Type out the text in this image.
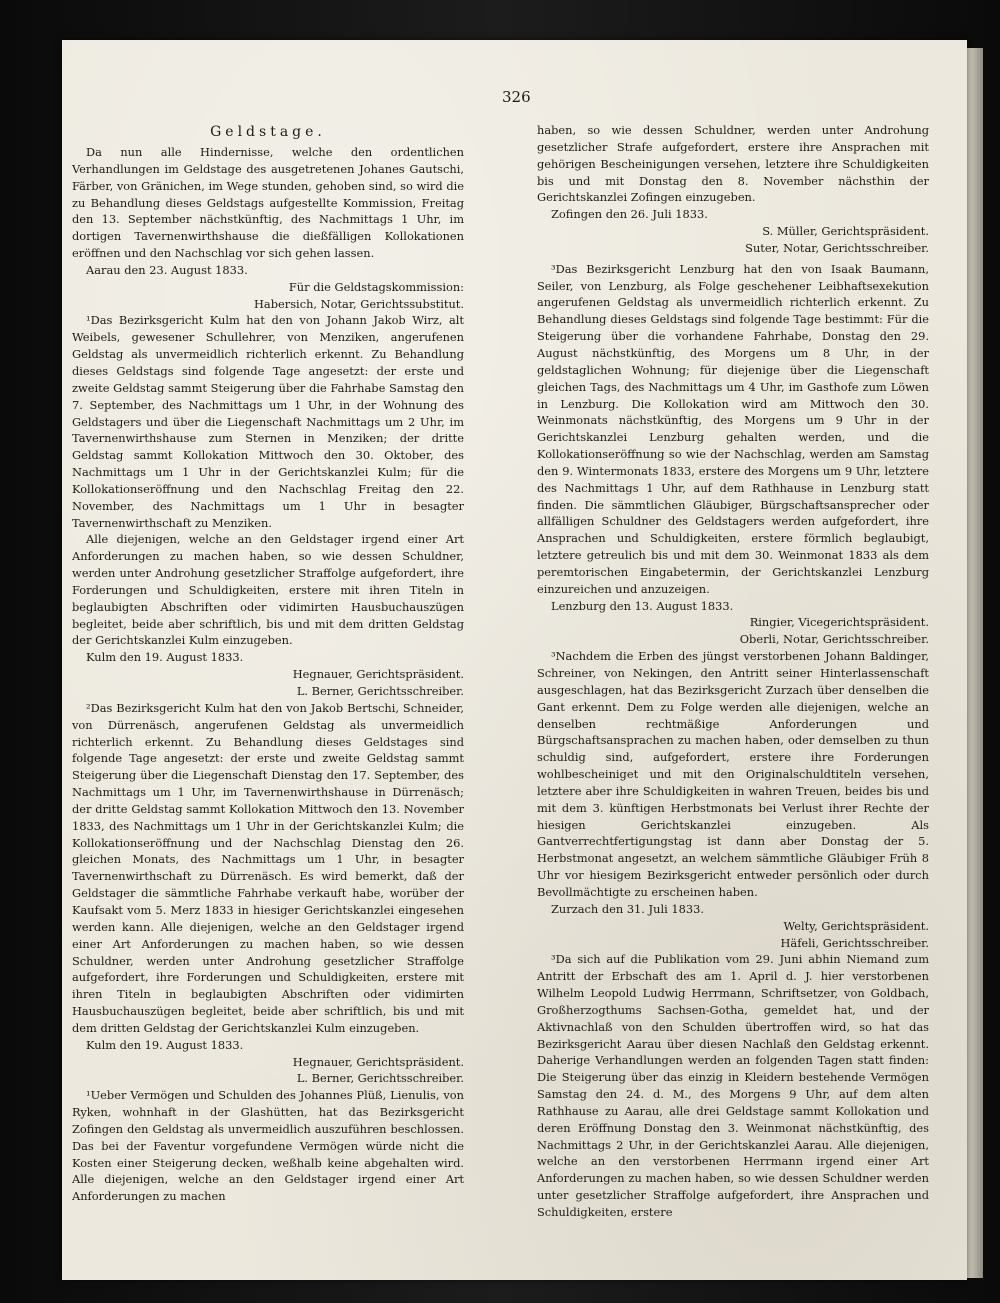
326

Geldstage.

Da nun alle Hindernisse, welche den ordentlichen Verhandlungen im Geldstage des ausgetretenen Johanes Gautschi, Färber, von Gränichen, im Wege stunden, gehoben sind, so wird die zu Behandlung dieses Geldstags aufgestellte Kommission, Freitag den 13. September nächstkünftig, des Nachmittags 1 Uhr, im dortigen Tavernenwirthshause die dießfälligen Kollokationen eröffnen und den Nachschlag vor sich gehen lassen.

Aarau den 23. August 1833.

Für die Geldstagskommission:

Habersich, Notar, Gerichtssubstitut.

¹Das Bezirksgericht Kulm hat den von Johann Jakob Wirz, alt Weibels, gewesener Schullehrer, von Menziken, angerufenen Geldstag als unvermeidlich richterlich erkennt. Zu Behandlung dieses Geldstags sind folgende Tage angesetzt: der erste und zweite Geldstag sammt Steigerung über die Fahrhabe Samstag den 7. September, des Nachmittags um 1 Uhr, in der Wohnung des Geldstagers und über die Liegenschaft Nachmittags um 2 Uhr, im Tavernenwirthshause zum Sternen in Menziken; der dritte Geldstag sammt Kollokation Mittwoch den 30. Oktober, des Nachmittags um 1 Uhr in der Gerichtskanzlei Kulm; für die Kollokationseröffnung und den Nachschlag Freitag den 22. November, des Nachmittags um 1 Uhr in besagter Tavernenwirthschaft zu Menziken.

Alle diejenigen, welche an den Geldstager irgend einer Art Anforderungen zu machen haben, so wie dessen Schuldner, werden unter Androhung gesetzlicher Straffolge aufgefordert, ihre Forderungen und Schuldigkeiten, erstere mit ihren Titeln in beglaubigten Abschriften oder vidimirten Hausbuchauszügen begleitet, beide aber schriftlich, bis und mit dem dritten Geldstag der Gerichtskanzlei Kulm einzugeben.

Kulm den 19. August 1833.

Hegnauer, Gerichtspräsident.

L. Berner, Gerichtsschreiber.

²Das Bezirksgericht Kulm hat den von Jakob Bertschi, Schneider, von Dürrenäsch, angerufenen Geldstag als unvermeidlich richterlich erkennt. Zu Behandlung dieses Geldstages sind folgende Tage angesetzt: der erste und zweite Geldstag sammt Steigerung über die Liegenschaft Dienstag den 17. September, des Nachmittags um 1 Uhr, im Tavernenwirthshause in Dürrenäsch; der dritte Geldstag sammt Kollokation Mittwoch den 13. November 1833, des Nachmittags um 1 Uhr in der Gerichtskanzlei Kulm; die Kollokationseröffnung und der Nachschlag Dienstag den 26. gleichen Monats, des Nachmittags um 1 Uhr, in besagter Tavernenwirthschaft zu Dürrenäsch. Es wird bemerkt, daß der Geldstager die sämmtliche Fahrhabe verkauft habe, worüber der Kaufsakt vom 5. Merz 1833 in hiesiger Gerichtskanzlei eingesehen werden kann. Alle diejenigen, welche an den Geldstager irgend einer Art Anforderungen zu machen haben, so wie dessen Schuldner, werden unter Androhung gesetzlicher Straffolge aufgefordert, ihre Forderungen und Schuldigkeiten, erstere mit ihren Titeln in beglaubigten Abschriften oder vidimirten Hausbuchauszügen begleitet, beide aber schriftlich, bis und mit dem dritten Geldstag der Gerichtskanzlei Kulm einzugeben.

Kulm den 19. August 1833.

Hegnauer, Gerichtspräsident.

L. Berner, Gerichtsschreiber.

¹Ueber Vermögen und Schulden des Johannes Plüß, Lienulis, von Ryken, wohnhaft in der Glashütten, hat das Bezirksgericht Zofingen den Geldstag als unvermeidlich auszuführen beschlossen. Das bei der Faventur vorgefundene Vermögen würde nicht die Kosten einer Steigerung decken, weßhalb keine abgehalten wird. Alle diejenigen, welche an den Geldstager irgend einer Art Anforderungen zu machen

haben, so wie dessen Schuldner, werden unter Androhung gesetzlicher Strafe aufgefordert, erstere ihre Ansprachen mit gehörigen Bescheinigungen versehen, letztere ihre Schuldigkeiten bis und mit Donstag den 8. November nächsthin der Gerichtskanzlei Zofingen einzugeben.

Zofingen den 26. Juli 1833.

S. Müller, Gerichtspräsident.

Suter, Notar, Gerichtsschreiber.

³Das Bezirksgericht Lenzburg hat den von Isaak Baumann, Seiler, von Lenzburg, als Folge geschehener Leibhaftsexekution angerufenen Geldstag als unvermeidlich richterlich erkennt. Zu Behandlung dieses Geldstags sind folgende Tage bestimmt: Für die Steigerung über die vorhandene Fahrhabe, Donstag den 29. August nächstkünftig, des Morgens um 8 Uhr, in der geldstaglichen Wohnung; für diejenige über die Liegenschaft gleichen Tags, des Nachmittags um 4 Uhr, im Gasthofe zum Löwen in Lenzburg. Die Kollokation wird am Mittwoch den 30. Weinmonats nächstkünftig, des Morgens um 9 Uhr in der Gerichtskanzlei Lenzburg gehalten werden, und die Kollokationseröffnung so wie der Nachschlag, werden am Samstag den 9. Wintermonats 1833, erstere des Morgens um 9 Uhr, letztere des Nachmittags 1 Uhr, auf dem Rathhause in Lenzburg statt finden. Die sämmtlichen Gläubiger, Bürgschaftsansprecher oder allfälligen Schuldner des Geldstagers werden aufgefordert, ihre Ansprachen und Schuldigkeiten, erstere förmlich beglaubigt, letztere getreulich bis und mit dem 30. Weinmonat 1833 als dem peremtorischen Eingabetermin, der Gerichtskanzlei Lenzburg einzureichen und anzuzeigen.

Lenzburg den 13. August 1833.

Ringier, Vicegerichtspräsident.

Oberli, Notar, Gerichtsschreiber.

³Nachdem die Erben des jüngst verstorbenen Johann Baldinger, Schreiner, von Nekingen, den Antritt seiner Hinterlassenschaft ausgeschlagen, hat das Bezirksgericht Zurzach über denselben die Gant erkennt. Dem zu Folge werden alle diejenigen, welche an denselben rechtmäßige Anforderungen und Bürgschaftsansprachen zu machen haben, oder demselben zu thun schuldig sind, aufgefordert, erstere ihre Forderungen wohlbescheiniget und mit den Originalschuldtiteln versehen, letztere aber ihre Schuldigkeiten in wahren Treuen, beides bis und mit dem 3. künftigen Herbstmonats bei Verlust ihrer Rechte der hiesigen Gerichtskanzlei einzugeben. Als Gantverrechtfertigungstag ist dann aber Donstag der 5. Herbstmonat angesetzt, an welchem sämmtliche Gläubiger Früh 8 Uhr vor hiesigem Bezirksgericht entweder persönlich oder durch Bevollmächtigte zu erscheinen haben.

Zurzach den 31. Juli 1833.

Welty, Gerichtspräsident.

Häfeli, Gerichtsschreiber.

³Da sich auf die Publikation vom 29. Juni abhin Niemand zum Antritt der Erbschaft des am 1. April d. J. hier verstorbenen Wilhelm Leopold Ludwig Herrmann, Schriftsetzer, von Goldbach, Großherzogthums Sachsen-Gotha, gemeldet hat, und der Aktivnachlaß von den Schulden übertroffen wird, so hat das Bezirksgericht Aarau über diesen Nachlaß den Geldstag erkennt. Daherige Verhandlungen werden an folgenden Tagen statt finden: Die Steigerung über das einzig in Kleidern bestehende Vermögen Samstag den 24. d. M., des Morgens 9 Uhr, auf dem alten Rathhause zu Aarau, alle drei Geldstage sammt Kollokation und deren Eröffnung Donstag den 3. Weinmonat nächstkünftig, des Nachmittags 2 Uhr, in der Gerichtskanzlei Aarau. Alle diejenigen, welche an den verstorbenen Herrmann irgend einer Art Anforderungen zu machen haben, so wie dessen Schuldner werden unter gesetzlicher Straffolge aufgefordert, ihre Ansprachen und Schuldigkeiten, erstere
